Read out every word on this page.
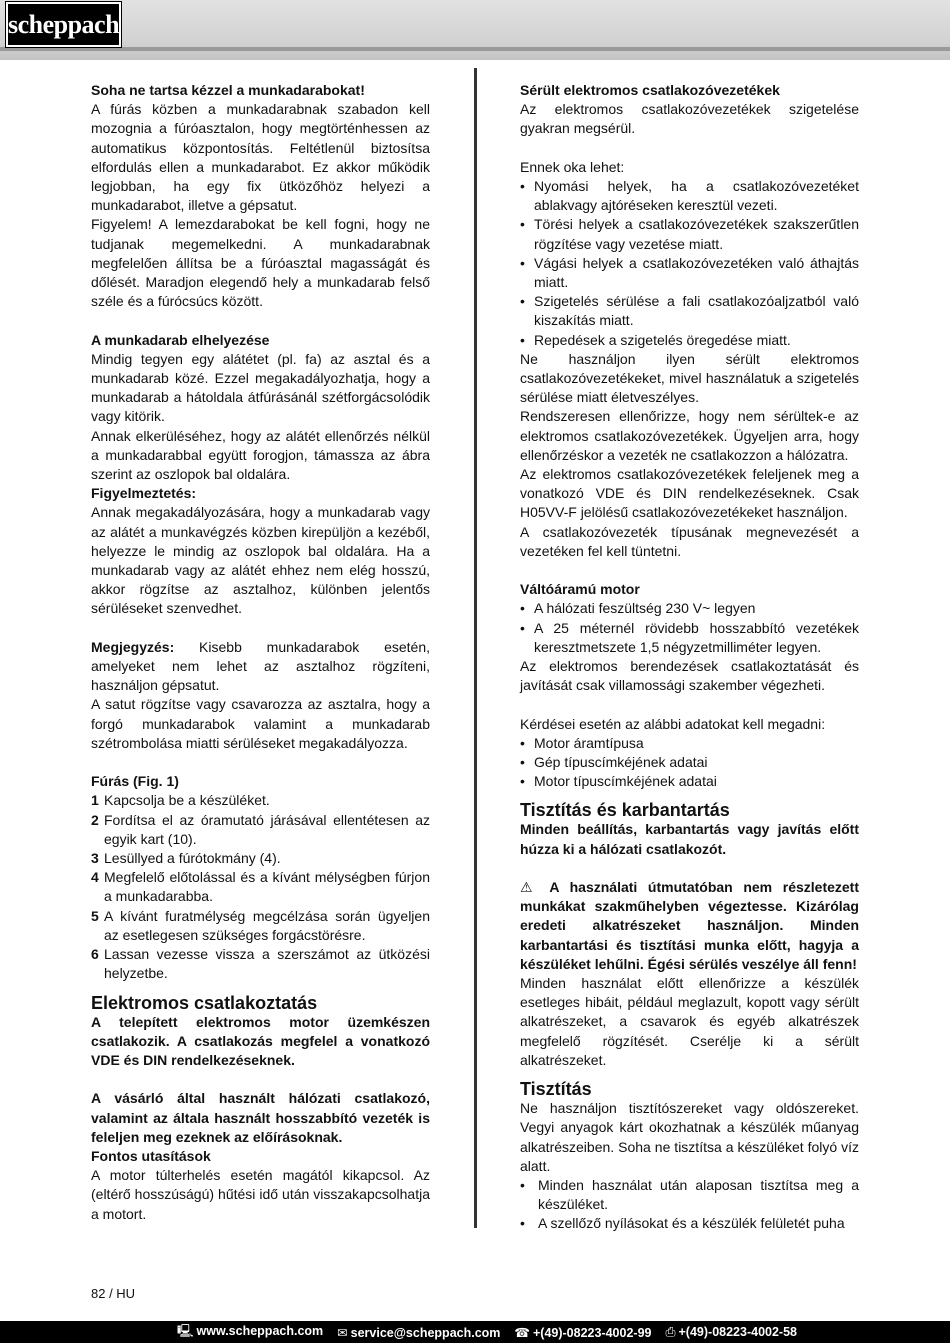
scheppach
Soha ne tartsa kézzel a munkadarabokat!
A fúrás közben a munkadarabnak szabadon kell mozognia a fúróasztalon, hogy megtörténhessen az automatikus központosítás. Feltétlenül biztosítsa elfordulás ellen a munkadarabot. Ez akkor működik legjobban, ha egy fix ütközőhöz helyezi a munkadarabot, illetve a gépsatut.
Figyelem! A lemezdarabokat be kell fogni, hogy ne tudjanak megemelkedni. A munkadarabnak megfelelően állítsa be a fúróasztal magasságát és dőlését. Maradjon elegendő hely a munkadarab felső széle és a fúrócsúcs között.
A munkadarab elhelyezése
Mindig tegyen egy alátétet (pl. fa) az asztal és a munkadarab közé. Ezzel megakadályozhatja, hogy a munkadarab a hátoldala átfúrásánál szétforgácsolódik vagy kitörik.
Annak elkerüléséhez, hogy az alátét ellenőrzés nélkül a munkadarabbal együtt forogjon, támassza az ábra szerint az oszlopok bal oldalára.
Figyelmeztetés:
Annak megakadályozására, hogy a munkadarab vagy az alátét a munkavégzés közben kirepüljön a kezéből, helyezze le mindig az oszlopok bal oldalára. Ha a munkadarab vagy az alátét ehhez nem elég hosszú, akkor rögzítse az asztalhoz, különben jelentős sérüléseket szenvedhet.
Megjegyzés: Kisebb munkadarabok esetén, amelyeket nem lehet az asztalhoz rögzíteni, használjon gépsatut.
A satut rögzítse vagy csavarozza az asztalra, hogy a forgó munkadarabok valamint a munkadarab szétrombolása miatti sérüléseket megakadályozza.
Fúrás (Fig. 1)
1 Kapcsolja be a készüléket.
2 Fordítsa el az óramutató járásával ellentétesen az egyik kart (10).
3 Lesüllyed a fúrótokmány (4).
4 Megfelelő előtolással és a kívánt mélységben fúrjon a munkadarabba.
5 A kívánt furatmélység megcélzása során ügyeljen az esetlegesen szükséges forgácstörésre.
6 Lassan vezesse vissza a szerszámot az ütközési helyzetbe.
Elektromos csatlakoztatás
A telepített elektromos motor üzemkészen csatlakozik. A csatlakozás megfelel a vonatkozó VDE és DIN rendelkezéseknek.
A vásárló által használt hálózati csatlakozó, valamint az általa használt hosszabbító vezeték is feleljen meg ezeknek az előírásoknak.
Fontos utasítások
A motor túlterhelés esetén magától kikapcsol. Az (eltérő hosszúságú) hűtési idő után visszakapcsolhatja a motort.
Sérült elektromos csatlakozóvezetékek
Az elektromos csatlakozóvezetékek szigetelése gyakran megsérül.
Ennek oka lehet:
• Nyomási helyek, ha a csatlakozóvezetéket ablakvagy ajtóréseken keresztül vezeti.
• Törési helyek a csatlakozóvezetékek szakszerűtlen rögzítése vagy vezetése miatt.
• Vágási helyek a csatlakozóvezetéken való áthajtás miatt.
• Szigetelés sérülése a fali csatlakozóaljzatból való kiszakítás miatt.
• Repedések a szigetelés öregedése miatt.
Ne használjon ilyen sérült elektromos csatlakozóvezetékeket, mivel használatuk a szigetelés sérülése miatt életveszélyes.
Rendszeresen ellenőrizze, hogy nem sérültek-e az elektromos csatlakozóvezetékek. Ügyeljen arra, hogy ellenőrzéskor a vezeték ne csatlakozzon a hálózatra.
Az elektromos csatlakozóvezetékek feleljenek meg a vonatkozó VDE és DIN rendelkezéseknek. Csak H05VV-F jelölésű csatlakozóvezetékeket használjon.
A csatlakozóvezeték típusának megnevezését a vezetéken fel kell tüntetni.
Váltóáramú motor
• A hálózati feszültség 230 V~ legyen
• A 25 méternél rövidebb hosszabbító vezetékek keresztmetszete 1,5 négyzetmilliméter legyen.
Az elektromos berendezések csatlakoztatását és javítását csak villamossági szakember végezheti.
Kérdései esetén az alábbi adatokat kell megadni:
• Motor áramtípusa
• Gép típuscímkéjének adatai
• Motor típuscímkéjének adatai
Tisztítás és karbantartás
Minden beállítás, karbantartás vagy javítás előtt húzza ki a hálózati csatlakozót.
⚠ A használati útmutatóban nem részletezett munkákat szakműhelyben végeztesse. Kizárólag eredeti alkatrészeket használjon. Minden karbantartási és tisztítási munka előtt, hagyja a készüléket lehűlni. Égési sérülés veszélye áll fenn!
Minden használat előtt ellenőrizze a készülék esetleges hibáit, például meglazult, kopott vagy sérült alkatrészeket, a csavarok és egyéb alkatrészek megfelelő rögzítését. Cserélje ki a sérült alkatrészeket.
Tisztítás
Ne használjon tisztítószereket vagy oldószereket. Vegyi anyagok kárt okozhatnak a készülék műanyag alkatrészeiben. Soha ne tisztítsa a készüléket folyó víz alatt.
• Minden használat után alaposan tisztítsa meg a készüléket.
• A szellőző nyílásokat és a készülék felületét puha
82 / HU
🖳 www.scheppach.com ✉ service@scheppach.com ☎ +(49)-08223-4002-99 ⎙ +(49)-08223-4002-58
